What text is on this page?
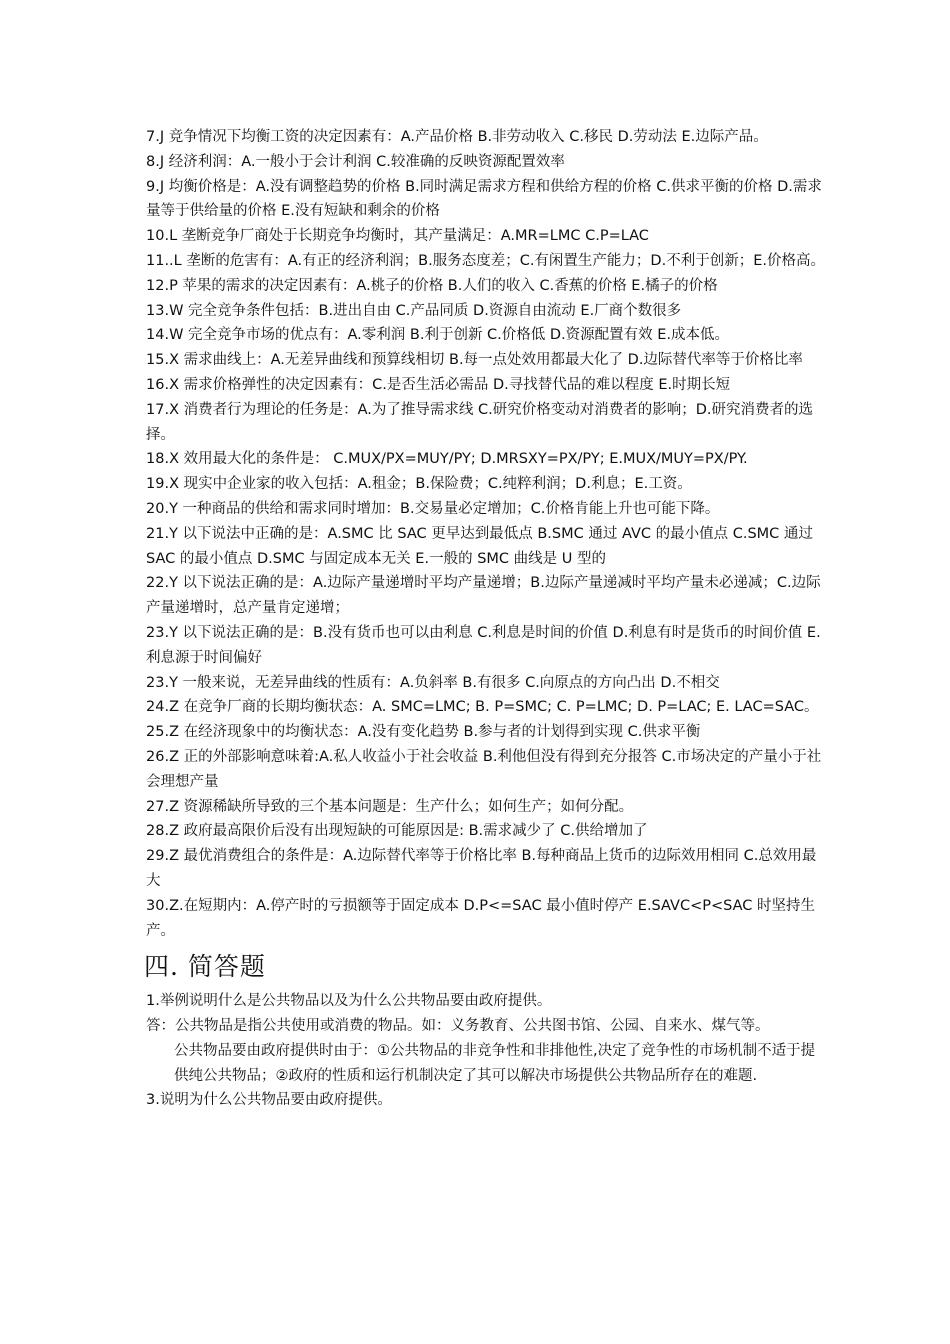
7.J 竞争情况下均衡工资的决定因素有：A.产品价格 B.非劳动收入 C.移民 D.劳动法 E.边际产品。

8.J 经济利润：A.一般小于会计利润 C.较准确的反映资源配置效率

9.J 均衡价格是：A.没有调整趋势的价格 B.同时满足需求方程和供给方程的价格 C.供求平衡的价格 D.需求量等于供给量的价格 E.没有短缺和剩余的价格

10.L 垄断竞争厂商处于长期竞争均衡时，其产量满足：A.MR=LMC C.P=LAC

11..L 垄断的危害有：A.有正的经济利润；B.服务态度差；C.有闲置生产能力；D.不利于创新；E.价格高。

12.P 苹果的需求的决定因素有：A.桃子的价格 B.人们的收入 C.香蕉的价格 E.橘子的价格

13.W 完全竞争条件包括：B.进出自由 C.产品同质 D.资源自由流动 E.厂商个数很多

14.W 完全竞争市场的优点有：A.零利润 B.利于创新 C.价格低 D.资源配置有效 E.成本低。

15.X 需求曲线上：A.无差异曲线和预算线相切 B.每一点处效用都最大化了 D.边际替代率等于价格比率

16.X 需求价格弹性的决定因素有：C.是否生活必需品 D.寻找替代品的难以程度 E.时期长短

17.X 消费者行为理论的任务是：A.为了推导需求线 C.研究价格变动对消费者的影响；D.研究消费者的选择。

18.X 效用最大化的条件是： C.MUX/PX=MUY/PY; D.MRSXY=PX/PY; E.MUX/MUY=PX/PY.

19.X 现实中企业家的收入包括：A.租金；B.保险费；C.纯粹利润；D.利息；E.工资。

20.Y 一种商品的供给和需求同时增加：B.交易量必定增加；C.价格肯能上升也可能下降。

21.Y 以下说法中正确的是：A.SMC 比 SAC 更早达到最低点 B.SMC 通过 AVC 的最小值点 C.SMC 通过 SAC 的最小值点 D.SMC 与固定成本无关 E.一般的 SMC 曲线是 U 型的

22.Y 以下说法正确的是：A.边际产量递增时平均产量递增；B.边际产量递减时平均产量未必递减；C.边际产量递增时，总产量肯定递增；

23.Y 以下说法正确的是：B.没有货币也可以由利息 C.利息是时间的价值 D.利息有时是货币的时间价值 E.利息源于时间偏好

23.Y 一般来说，无差异曲线的性质有：A.负斜率 B.有很多 C.向原点的方向凸出 D.不相交

24.Z 在竞争厂商的长期均衡状态：A. SMC=LMC; B. P=SMC; C. P=LMC; D. P=LAC; E. LAC=SAC。

25.Z 在经济现象中的均衡状态：A.没有变化趋势 B.参与者的计划得到实现 C.供求平衡

26.Z 正的外部影响意味着:A.私人收益小于社会收益 B.利他但没有得到充分报答 C.市场决定的产量小于社会理想产量

27.Z 资源稀缺所导致的三个基本问题是：生产什么；如何生产；如何分配。

28.Z 政府最高限价后没有出现短缺的可能原因是: B.需求减少了 C.供给增加了

29.Z 最优消费组合的条件是：A.边际替代率等于价格比率 B.每种商品上货币的边际效用相同 C.总效用最大

30.Z.在短期内：A.停产时的亏损额等于固定成本 D.P<=SAC 最小值时停产 E.SAVC<P<SAC 时坚持生产。

四. 简答题

1.举例说明什么是公共物品以及为什么公共物品要由政府提供。

答：公共物品是指公共使用或消费的物品。如：义务教育、公共图书馆、公园、自来水、煤气等。

公共物品要由政府提供时由于：①公共物品的非竞争性和非排他性,决定了竞争性的市场机制不适于提供纯公共物品；②政府的性质和运行机制决定了其可以解决市场提供公共物品所存在的难题.

3.说明为什么公共物品要由政府提供。
